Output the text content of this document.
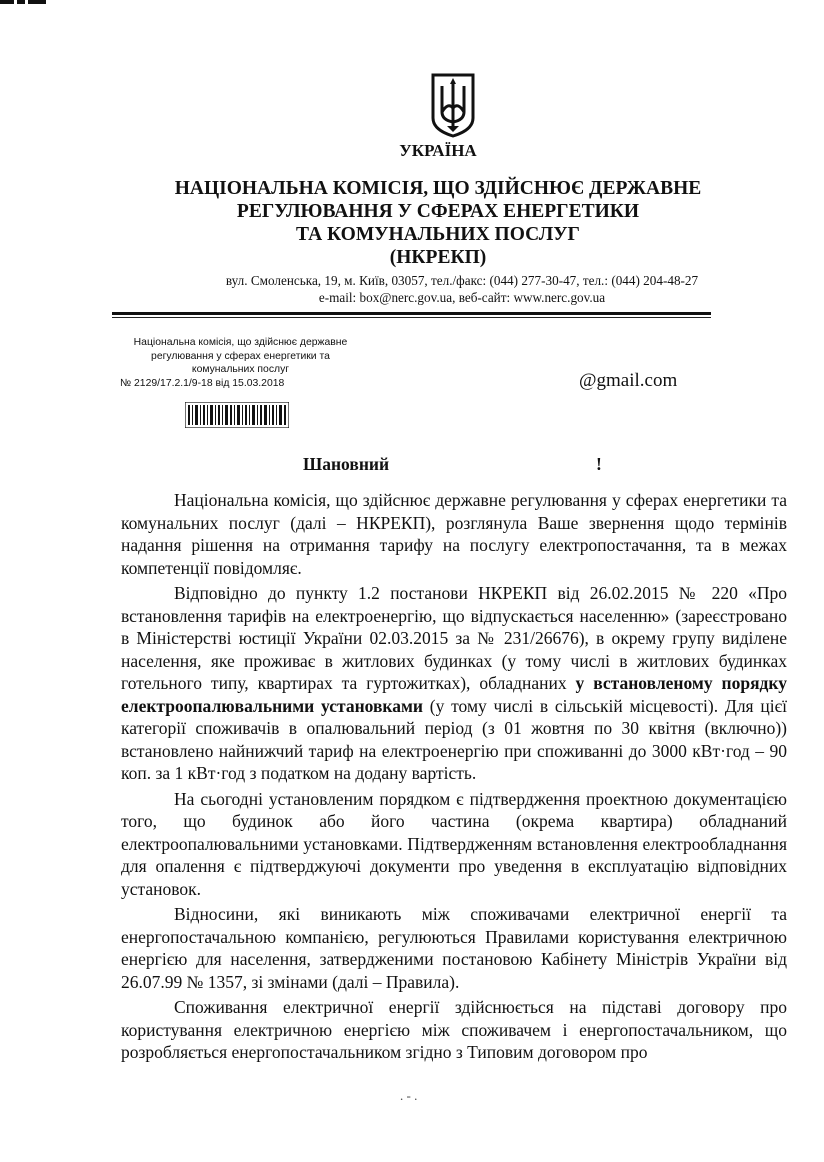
УКРАЇНА
НАЦІОНАЛЬНА КОМІСІЯ, ЩО ЗДІЙСНЮЄ ДЕРЖАВНЕ
РЕГУЛЮВАННЯ У СФЕРАХ ЕНЕРГЕТИКИ
ТА КОМУНАЛЬНИХ ПОСЛУГ
(НКРЕКП)
вул. Смоленська, 19, м. Київ, 03057, тел./факс: (044) 277-30-47, тел.: (044) 204-48-27
e-mail: box@nerc.gov.ua, веб-сайт: www.nerc.gov.ua
Національна комісія, що здійснює державне
регулювання у сферах енергетики та
комунальних послуг
№ 2129/17.2.1/9-18 від 15.03.2018	@gmail.com
Шановний	!

Національна комісія, що здійснює державне регулювання у сферах енергетики та комунальних послуг (далі – НКРЕКП), розглянула Ваше звернення щодо термінів надання рішення на отримання тарифу на послугу електропостачання, та в межах компетенції повідомляє.

Відповідно до пункту 1.2 постанови НКРЕКП від 26.02.2015 № 220 «Про встановлення тарифів на електроенергію, що відпускається населенню» (зареєстровано в Міністерстві юстиції України 02.03.2015 за № 231/26676), в окрему групу виділене населення, яке проживає в житлових будинках (у тому числі в житлових будинках готельного типу, квартирах та гуртожитках), обладнаних у встановленому порядку електроопалювальними установками (у тому числі в сільській місцевості). Для цієї категорії споживачів в опалювальний період (з 01 жовтня по 30 квітня (включно)) встановлено найнижчий тариф на електроенергію при споживанні до 3000 кВт·год – 90 коп. за 1 кВт·год з податком на додану вартість.

На сьогодні установленим порядком є підтвердження проектною документацією того, що будинок або його частина (окрема квартира) обладнаний електроопалювальними установками. Підтвердженням встановлення електрообладнання для опалення є підтверджуючі документи про уведення в експлуатацію відповідних установок.

Відносини, які виникають між споживачами електричної енергії та енергопостачальною компанією, регулюються Правилами користування електричною енергією для населення, затвердженими постановою Кабінету Міністрів України від 26.07.99 № 1357, зі змінами (далі – Правила).

Споживання електричної енергії здійснюється на підставі договору про користування електричною енергією між споживачем і енергопостачальником, що розробляється енергопостачальником згідно з Типовим договором про

. - .
